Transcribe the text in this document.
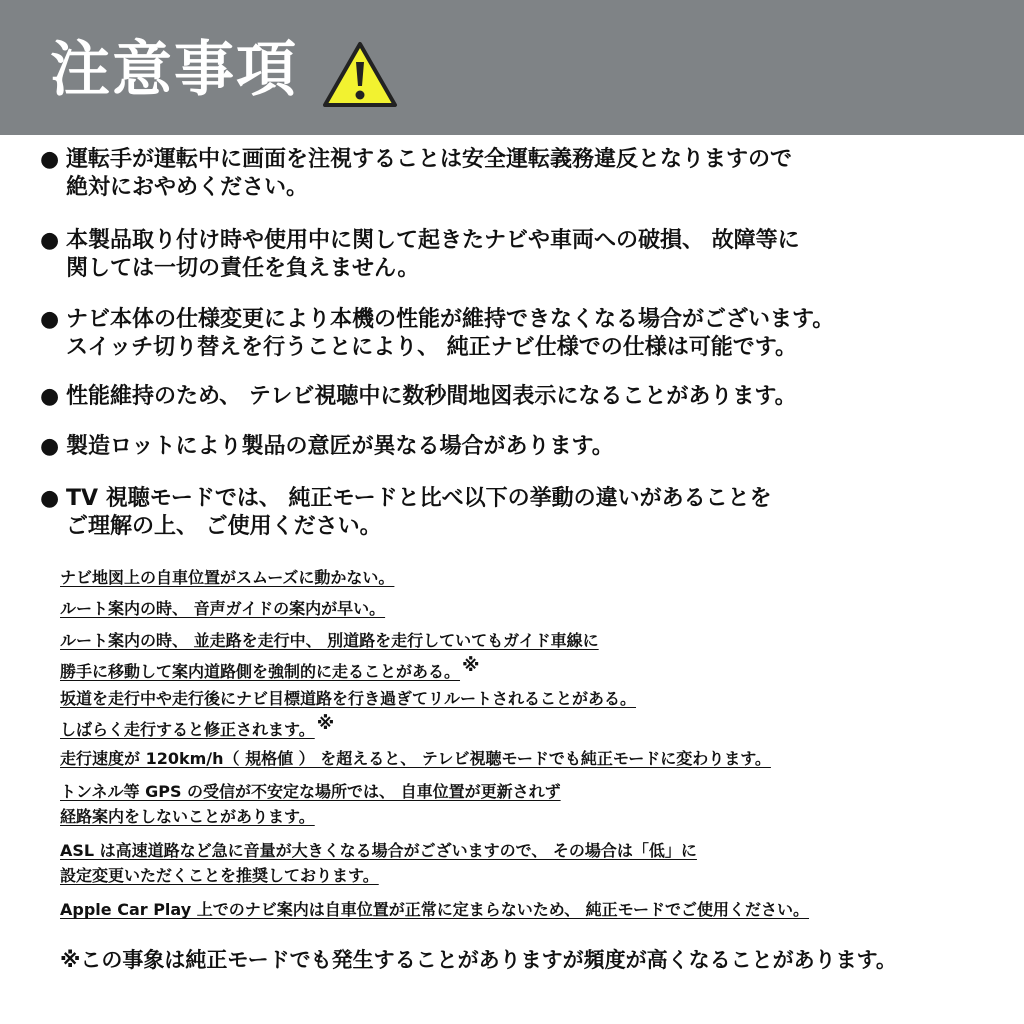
注意事項
● 運転手が運転中に画面を注視することは安全運転義務違反となりますので
絶対におやめください。
● 本製品取り付け時や使用中に関して起きたナビや車両への破損、 故障等に
関しては一切の責任を負えません。
● ナビ本体の仕様変更により本機の性能が維持できなくなる場合がございます。
スイッチ切り替えを行うことにより、 純正ナビ仕様での仕様は可能です。
● 性能維持のため、 テレビ視聴中に数秒間地図表示になることがあります。
● 製造ロットにより製品の意匠が異なる場合があります。
● TV 視聴モードでは、 純正モードと比べ以下の挙動の違いがあることを
ご理解の上、 ご使用ください。
ナビ地図上の自車位置がスムーズに動かない。
ルート案内の時、 音声ガイドの案内が早い。
ルート案内の時、 並走路を走行中、 別道路を走行していてもガイド車線に
勝手に移動して案内道路側を強制的に走ることがある。 ※
坂道を走行中や走行後にナビ目標道路を行き過ぎてリルートされることがある。
しばらく走行すると修正されます。 ※
走行速度が 120km/h（ 規格値 ） を超えると、 テレビ視聴モードでも純正モードに変わります。
トンネル等 GPS の受信が不安定な場所では、 自車位置が更新されず
経路案内をしないことがあります。
ASL は高速道路など急に音量が大きくなる場合がございますので、 その場合は「低」に
設定変更いただくことを推奨しております。
Apple Car Play 上でのナビ案内は自車位置が正常に定まらないため、 純正モードでご使用ください。
※この事象は純正モードでも発生することがありますが頻度が高くなることがあります。
